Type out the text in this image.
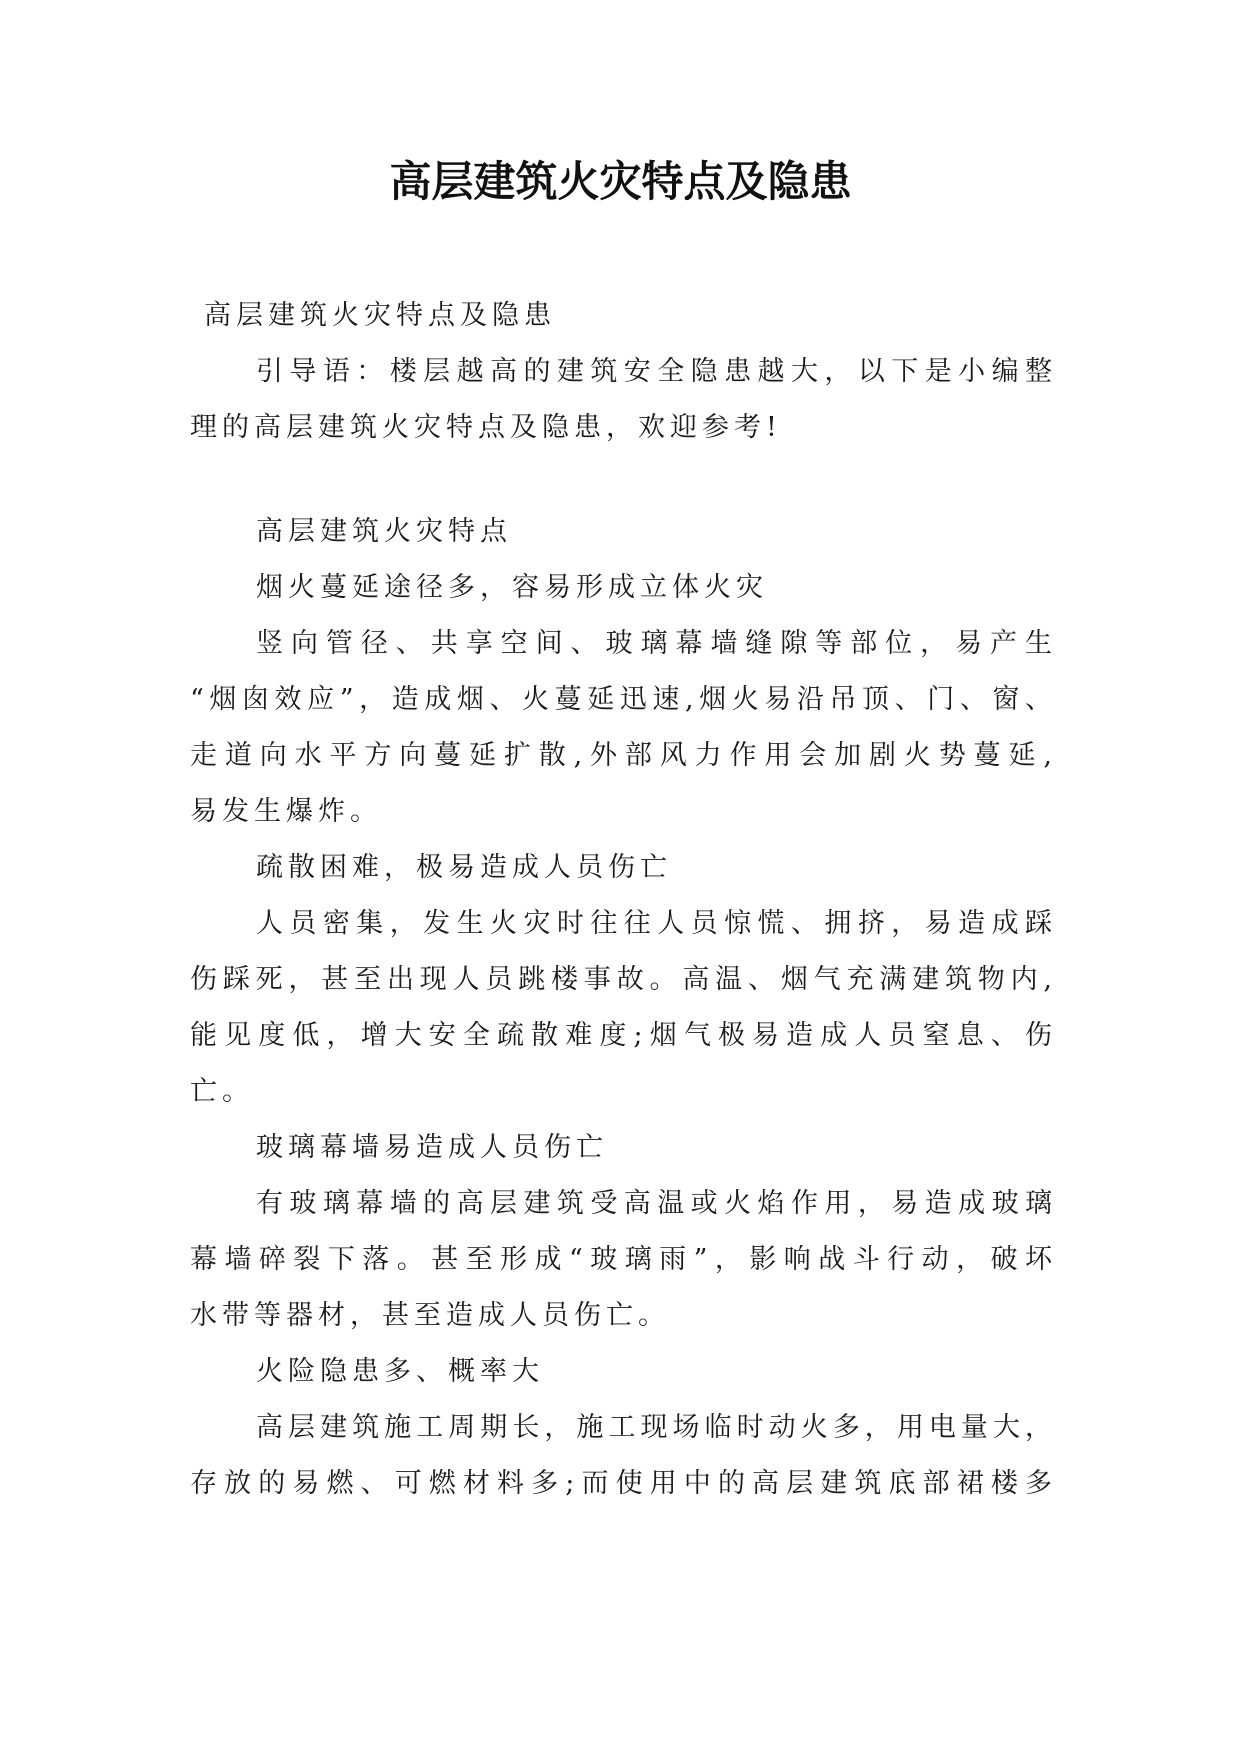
高层建筑火灾特点及隐患
高层建筑火灾特点及隐患
引导语：楼层越高的建筑安全隐患越大，以下是小编整
理的高层建筑火灾特点及隐患，欢迎参考!
高层建筑火灾特点
烟火蔓延途径多，容易形成立体火灾
竖向管径、共享空间、玻璃幕墙缝隙等部位，易产生
“烟囱效应”，造成烟、火蔓延迅速,烟火易沿吊顶、门、窗、
走道向水平方向蔓延扩散,外部风力作用会加剧火势蔓延,
易发生爆炸。
疏散困难，极易造成人员伤亡
人员密集，发生火灾时往往人员惊慌、拥挤，易造成踩
伤踩死，甚至出现人员跳楼事故。高温、烟气充满建筑物内,
能见度低，增大安全疏散难度;烟气极易造成人员窒息、伤
亡。
玻璃幕墙易造成人员伤亡
有玻璃幕墙的高层建筑受高温或火焰作用，易造成玻璃
幕墙碎裂下落。甚至形成“玻璃雨”，影响战斗行动，破坏
水带等器材，甚至造成人员伤亡。
火险隐患多、概率大
高层建筑施工周期长，施工现场临时动火多，用电量大，
存放的易燃、可燃材料多;而使用中的高层建筑底部裙楼多
